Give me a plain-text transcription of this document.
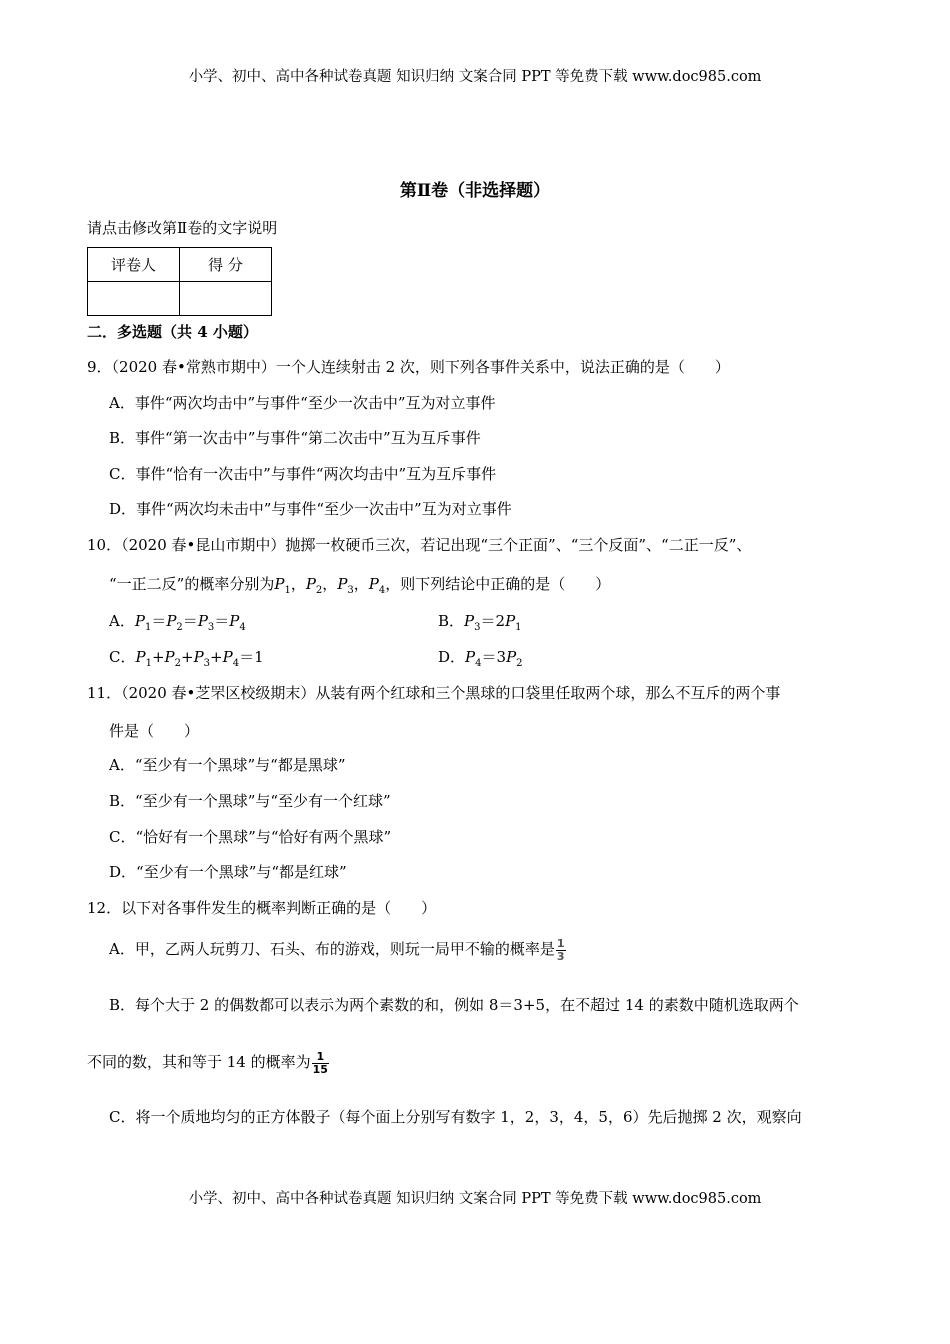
小学、初中、高中各种试卷真题 知识归纳 文案合同 PPT 等免费下载 www.doc985.com
第Ⅱ卷（非选择题）
请点击修改第Ⅱ卷的文字说明
评卷人	得 分

二．多选题（共 4 小题）
9．（2020 春•常熟市期中）一个人连续射击 2 次，则下列各事件关系中，说法正确的是（　　）
A．事件“两次均击中”与事件“至少一次击中”互为对立事件
B．事件“第一次击中”与事件“第二次击中”互为互斥事件
C．事件“恰有一次击中”与事件“两次均击中”互为互斥事件
D．事件“两次均未击中”与事件“至少一次击中”互为对立事件
10．（2020 春•昆山市期中）抛掷一枚硬币三次，若记出现“三个正面”、“三个反面”、“二正一反”、
“一正二反”的概率分别为$P_1$，$P_2$，$P_3$，$P_4$，则下列结论中正确的是（　　）
A．$P_1=P_2=P_3=P_4$	B．$P_3=2P_1$
C．$P_1+P_2+P_3+P_4=1$	D．$P_4=3P_2$
11．（2020 春•芝罘区校级期末）从装有两个红球和三个黑球的口袋里任取两个球，那么不互斥的两个事
件是（　　）
A．“至少有一个黑球”与“都是黑球”
B．“至少有一个黑球”与“至少有一个红球”
C．“恰好有一个黑球”与“恰好有两个黑球”
D．“至少有一个黑球”与“都是红球”
12．以下对各事件发生的概率判断正确的是（　　）
A．甲，乙两人玩剪刀、石头、布的游戏，则玩一局甲不输的概率是 $\frac{1}{3}$
B．每个大于 2 的偶数都可以表示为两个素数的和，例如 8＝3+5，在不超过 14 的素数中随机选取两个
不同的数，其和等于 14 的概率为 $\frac{1}{15}$
C．将一个质地均匀的正方体骰子（每个面上分别写有数字 1，2，3，4，5，6）先后抛掷 2 次，观察向
小学、初中、高中各种试卷真题 知识归纳 文案合同 PPT 等免费下载 www.doc985.com
